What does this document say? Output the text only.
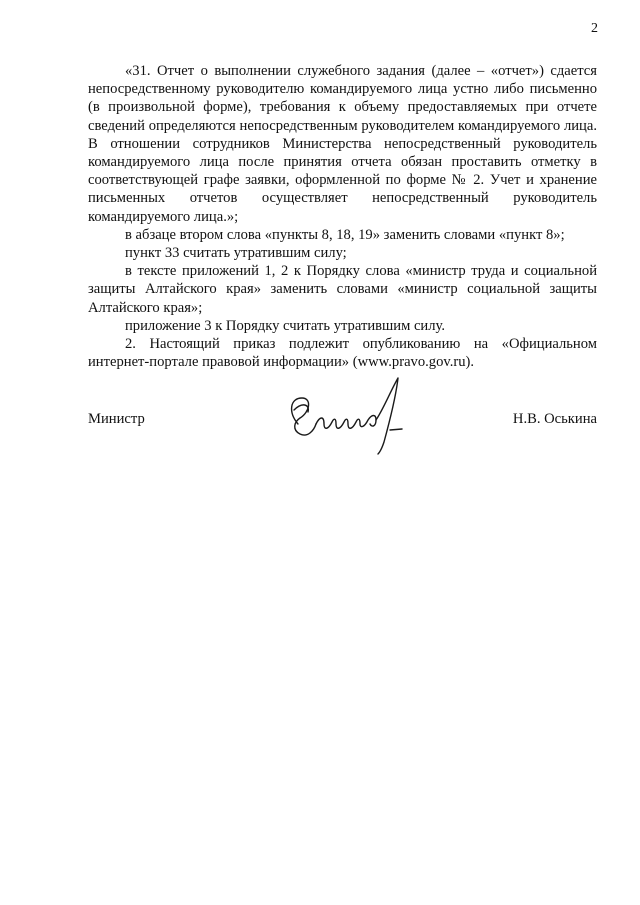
2

«31. Отчет о выполнении служебного задания (далее – «отчет») сдается непосредственному руководителю командируемого лица устно либо письменно (в произвольной форме), требования к объему предоставляемых при отчете сведений определяются непосредственным руководителем командируемого лица. В отношении сотрудников Министерства непосредственный руководитель командируемого лица после принятия отчета обязан проставить отметку в соответствующей графе заявки, оформленной по форме № 2. Учет и хранение письменных отчетов осуществляет непосредственный руководитель командируемого лица.»;

в абзаце втором слова «пункты 8, 18, 19» заменить словами «пункт 8»;

пункт 33 считать утратившим силу;

в тексте приложений 1, 2 к Порядку слова «министр труда и социальной защиты Алтайского края» заменить словами «министр социальной защиты Алтайского края»;

приложение 3 к Порядку считать утратившим силу.

2. Настоящий приказ подлежит опубликованию на «Официальном интернет-портале правовой информации» (www.pravo.gov.ru).

Министр	Н.В. Оськина
